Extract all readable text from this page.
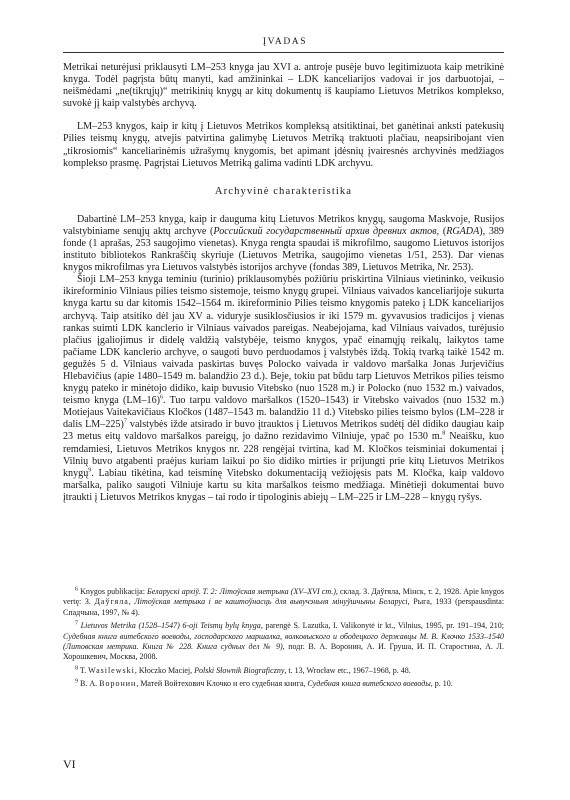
ĮVADAS

Metrikai neturėjusi priklausyti LM–253 knyga jau XVI a. antroje pusėje buvo legitimizuota kaip metrikinė knyga. Todėl pagrįsta būtų manyti, kad amžininkai – LDK kanceliarijos vadovai ir jos darbuotojai, – neišmėdami „ne(tikrųjų)“ metrikinių knygų ar kitų dokumentų iš kaupiamo Lietuvos Metrikos komplekso, suvokė jį kaip valstybės archyvą.

LM–253 knygos, kaip ir kitų į Lietuvos Metrikos kompleksą atsitiktinai, bet ganėtinai anksti patekusių Pilies teismų knygų, atvejis patvirtina galimybę Lietuvos Metriką traktuoti plačiau, neapsiribojant vien „tikrosiomis“ kanceliarinėmis užrašymų knygomis, bet apimant įdėsnių įvairesnės archyvinės medžiagos komplekso prasmę. Pagrįstai Lietuvos Metriką galima vadinti LDK archyvu.

Archyvinė charakteristika

Dabartinė LM–253 knyga, kaip ir dauguma kitų Lietuvos Metrikos knygų, saugoma Maskvoje, Rusijos valstybiniame senųjų aktų archyve (Российский государственный архив древних актов, (RGADA), 389 fonde (1 aprašas, 253 saugojimo vienetas). Knyga rengta spaudai iš mikrofilmo, saugomo Lietuvos istorijos instituto bibliotekos Rankraščių skyriuje (Lietuvos Metrika, saugojimo vienetas 1/51, 253). Dar vienas knygos mikrofilmas yra Lietuvos valstybės istorijos archyve (fondas 389, Lietuvos Metrika, Nr. 253).

Šioji LM–253 knyga teminiu (turinio) priklausomybės požiūriu priskirtina Vilniaus vietininko, veikusio ikireforminio Vilniaus pilies teismo sistemoje, teismo knygų grupei. Vilniaus vaivados kanceliarijoje sukurta knyga kartu su dar kitomis 1542–1564 m. ikireforminio Pilies teismo knygomis pateko į LDK kanceliarijos archyvą. Taip atsitiko dėl jau XV a. viduryje susiklosčiusios ir iki 1579 m. gyvavusios tradicijos į vienas rankas suimti LDK kanclerio ir Vilniaus vaivados pareigas. Neabejojama, kad Vilniaus vaivados, turėjusio plačius įgaliojimus ir didelę valdžią valstybėje, teismo knygos, ypač einamųjų reikalų, laikytos tame pačiame LDK kanclerio archyve, o saugoti buvo perduodamos į valstybės iždą. Tokią tvarką taikė 1542 m. gegužės 5 d. Vilniaus vaivada paskirtas buvęs Polocko vaivada ir valdovo maršalka Jonas Jurjevičius Hlebavičius (apie 1480–1549 m. balandžio 23 d.). Beje, tokiu pat būdu tarp Lietuvos Metrikos pilies teismo knygų pateko ir minėtojo didiko, kaip buvusio Vitebsko (nuo 1528 m.) ir Polocko (nuo 1532 m.) vaivados, teismo knyga $(LM-16)^6$. Tuo tarpu valdovo maršalkos (1520–1543) ir Vitebsko vaivados (nuo 1532 m.) Motiejaus Vaitekavičiaus Kločkos (1487–1543 m. balandžio 11 d.) Vitebsko pilies teismo bylos (LM–228 ir dalis LM–225)$^7$ valstybės ižde atsirado ir buvo įtrauktos į Lietuvos Metrikos sudėtį dėl didiko daugiau kaip 23 metus eitų valdovo maršalkos pareigų, jo dažno rezidavimo Vilniuje, ypač po 1530 m.$^8$ Neaišku, kuo remdamiesi, Lietuvos Metrikos knygos nr. 228 rengėjai tvirtina, kad M. Kločkos teisminiai dokumentai į Vilnių buvo atgabenti praėjus kuriam laikui po šio didiko mirties ir prijungti prie kitų Lietuvos Metrikos knygų$^9$. Labiau tikėtina, kad teisminę Vitebsko dokumentaciją vežiojęsis pats M. Kločka, kaip valdovo maršalka, paliko saugoti Vilniuje kartu su kita maršalkos teismo medžiaga. Minėtieji dokumentai buvo įtraukti į Lietuvos Metrikos knygas – tai rodo ir tipologinis abiejų – LM–225 ir LM–228 – knygų ryšys.

$^6$ Knygos publikacija: Беларускі архіў. Т. 2: Літоўская метрыка (XV–XVI ст.), склад. З. Даўгяла, Мінск, т. 2, 1928. Apie knygos vertę: З. Даўгяла, Літоўская метрыка і яе каштоўнасць для вывучэньня мінуўшчыны Беларусі, Рыга, 1933 (perspausdinta: Спадчына, 1997, № 4).

$^7$ Lietuvos Metrika (1528–1547) 6-oji Teismų bylų knyga, parengė S. Lazutka, I. Valikonytė ir kt., Vilnius, 1995, pr. 191–194, 210; Судебная книга витебского воеводы, господарского маршалка, волковыского и ободецкого державцы М. В. Клочко 1533–1540 (Литовская метрика. Книга № 228. Книга судных дел № 9), подг. В. А. Воронин, А. И. Груша, И. П. Старостина, А. Л. Хорошкевич, Москва, 2008.

$^8$ T. Wasilewski, Kłoczko Maciej, Polski Słownik Biograficzny, t. 13, Wrocław etc., 1967–1968, p. 48.

$^9$ В. А. Воронин, Матей Войтехович Клочко и его судебная книга, Судебная книга витебского воеводы, p. 10.

VI
